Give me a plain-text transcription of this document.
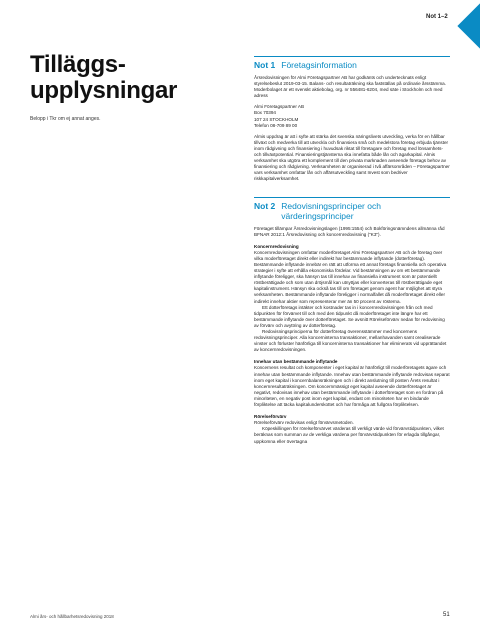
Not 1–2
Tilläggs-
upplysningar

Belopp i Tkr om ej annat anges.

Not 1 Företagsinformation

Årsredovisningen för Almi Företagspartner AB har godkänts och undertecknats enligt styrelsebeslut 2019-03-15. Balans- och resultaträkning ska fastställas på ordinarie årsstämma. Moderbolaget är ett svenskt aktiebolag, org. nr 556481-6204, med säte i Stockholm och med adress

Almi Företagspartner AB
Box 70394
107 24 STOCKHOLM
Telefon 08-709 89 00

Almis uppdrag är att i syfte att stärka det svenska näringslivets utveckling, verka för en hållbar tillväxt och medverka till att utveckla och finansiera små och medelstora företag erbjuda tjänster inom rådgivning och finansiering i huvudsak riktat till företagare och företag med lönsamhets- och tillväxtpotential. Finansieringstjänsterna ska innefatta både lån och ägarkapital. Almis verksamhet ska utgöra ett komplement till den privata marknaden avseende företags behov av finansiering och rådgivning. Verksamheten är organiserad i två affärsområden – Företagspartner vars verksamhet omfattar lån och affärsutveckling samt Invest som bedriver riskkapitalverksamhet.

Not 2 Redovisningsprinciper och värderingsprinciper

Företaget tillämpar Årsredovisningslagen (1995:1554) och Bokföringsnämndens allmänna råd BFNAR 2012:1 Årsredovisning och koncernredovisning ("K3").

Koncernredovisning

Koncernredovisningen omfattar moderföretaget Almi Företagspartner AB och de företag över vilka moderföretaget direkt eller indirekt har bestämmande inflytande (dotterföretag). Bestämmande inflytande innebär en rätt att utforma ett annat företags finansiella och operativa strategier i syfte att erhålla ekonomiska fördelar. Vid bestämningen av om ett bestämmande inflytande föreligger, ska hänsyn tas till innehav av finansiella instrument som är potentiellt röstberättigade och som utan dröjsmål kan utnyttjas eller konverteras till röstberättigade eget kapitalinstrument. Hänsyn ska också tas till om företaget genom agent har möjlighet att styra verksamheten. Bestämmande inflytande föreligger i normalfallet då moderföretaget direkt eller indirekt innehar aktier som representerar mer än 50 procent av rösterna.

Ett dotterföretags intäkter och kostnader tas in i koncernredovisningen från och med tidpunkten för förvärvet till och med den tidpunkt då moderföretaget inte längre har ett bestämmande inflytande över dotterföretaget. Se avsnitt Rörelseförvärv nedan för redovisning av förvärv och avyttring av dotterföretag.

Redovisningsprinciperna för dotterföretag överensstämmer med koncernens redovisningsprinciper. Alla koncerninterna transaktioner, mellanhavanden samt orealiserade vinster och förluster hänförliga till koncerninterna transaktioner har eliminerats vid upprättandet av koncernredovisningen.

Innehav utan bestämmande inflytande

Koncernens resultat och komponenter i eget kapital är hänförligt till moderföretagets ägare och innehav utan bestämmande inflytande. Innehav utan bestämmande inflytande redovisas separat inom eget kapital i koncernbalansräkningen och i direkt anslutning till posten Årets resultat i koncernresultaträkningen. Om koncernmässigt eget kapital avseende dotterföretaget är negativt, redovisas innehav utan bestämmande inflytande i dotterföretaget som en fordran på minoriteten, en negativ post inom eget kapital, endast om minoriteten har en bindande förpliktelse att täcka kapitalunderskottet och har förmåga att fullgöra förpliktelsen.

Rörelseförvärv

Rörelseförvärv redovisas enligt förvärvsmetoden.

Köpeskillingen för rörelseförvärvet värderas till verkligt värde vid förvärvstidpunkten, vilket beräknas som summan av de verkliga värdena per förvärvstidpunkten för erlagda tillgångar, uppkomna eller övertagna

Almi års- och hållbarhetsredovisning 2018	51
